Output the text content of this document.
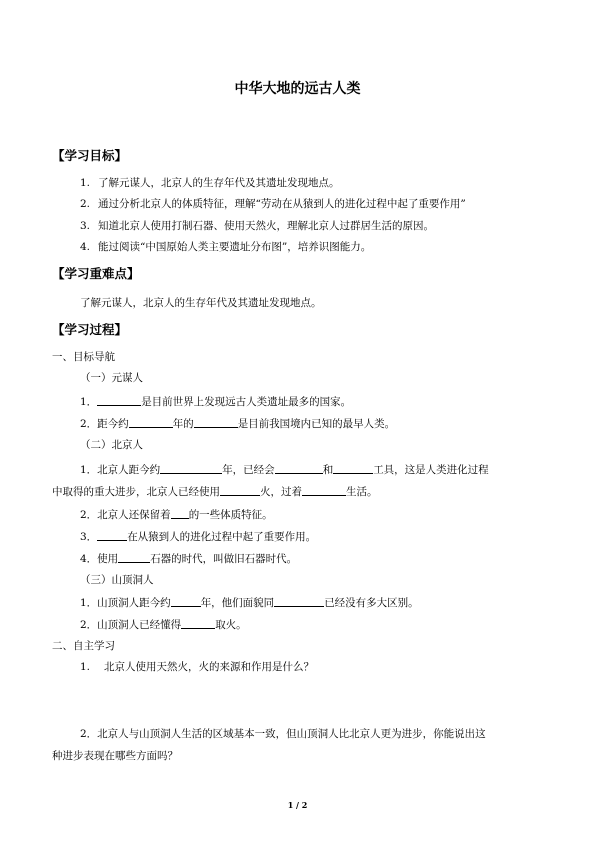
中华大地的远古人类
【学习目标】
1. 了解元谋人，北京人的生存年代及其遗址发现地点。
2. 通过分析北京人的体质特征，理解“劳动在从猿到人的进化过程中起了重要作用”
3. 知道北京人使用打制石器、使用天然火，理解北京人过群居生活的原因。
4. 能过阅读“中国原始人类主要遗址分布图”，培养识图能力。
【学习重难点】
了解元谋人，北京人的生存年代及其遗址发现地点。
【学习过程】
一、目标导航
（一）元谋人
1．	是目前世界上发现远古人类遗址最多的国家。
2．距今约	年的	是目前我国境内已知的最早人类。
（二）北京人
1．北京人距今约	年，已经会	和	工具，这是人类进化过程
中取得的重大进步，北京人已经使用	火，过着	生活。
2．北京人还保留着 的一些体质特征。
3．	在从猿到人的进化过程中起了重要作用。
4．使用	石器的时代，叫做旧石器时代。
（三）山顶洞人
1．山顶洞人距今约	年，他们面貌同	已经没有多大区别。
2．山顶洞人已经懂得	取火。
二、自主学习
1. 北京人使用天然火，火的来源和作用是什么？
2．北京人与山顶洞人生活的区域基本一致，但山顶洞人比北京人更为进步，你能说出这
种进步表现在哪些方面吗？
1 / 2
